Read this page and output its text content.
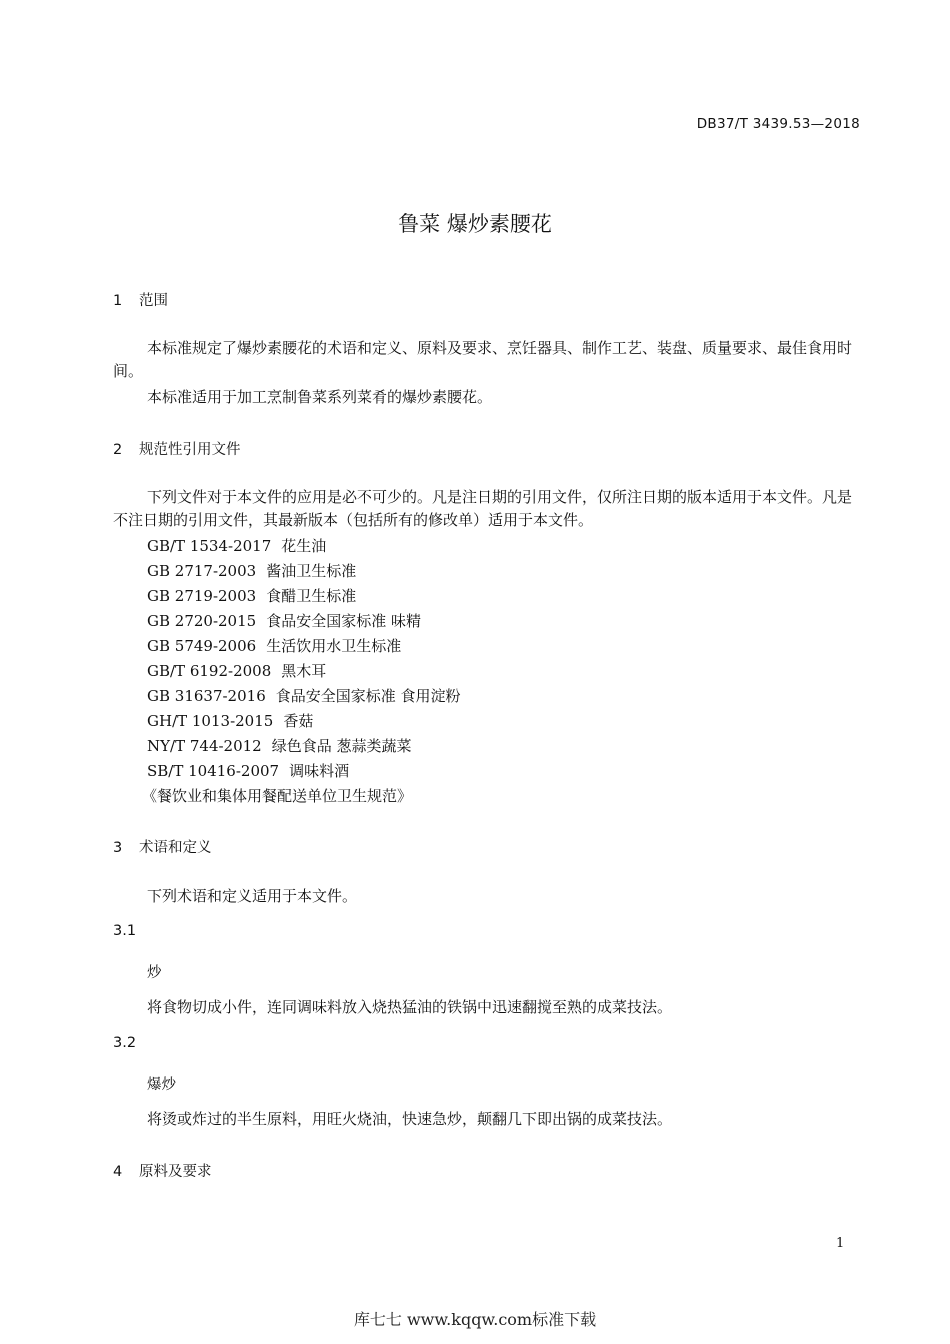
DB37/T 3439.53—2018
鲁菜 爆炒素腰花
1 范围
本标准规定了爆炒素腰花的术语和定义、原料及要求、烹饪器具、制作工艺、装盘、质量要求、最佳食用时间。
本标准适用于加工烹制鲁菜系列菜肴的爆炒素腰花。
2 规范性引用文件
下列文件对于本文件的应用是必不可少的。凡是注日期的引用文件，仅所注日期的版本适用于本文件。凡是不注日期的引用文件，其最新版本（包括所有的修改单）适用于本文件。
GB/T 1534-2017 花生油
GB 2717-2003 酱油卫生标准
GB 2719-2003 食醋卫生标准
GB 2720-2015 食品安全国家标准 味精
GB 5749-2006 生活饮用水卫生标准
GB/T 6192-2008 黑木耳
GB 31637-2016 食品安全国家标准 食用淀粉
GH/T 1013-2015 香菇
NY/T 744-2012 绿色食品 葱蒜类蔬菜
SB/T 10416-2007 调味料酒
《餐饮业和集体用餐配送单位卫生规范》
3 术语和定义
下列术语和定义适用于本文件。
3.1
炒
将食物切成小件，连同调味料放入烧热猛油的铁锅中迅速翻搅至熟的成菜技法。
3.2
爆炒
将烫或炸过的半生原料，用旺火烧油，快速急炒，颠翻几下即出锅的成菜技法。
4 原料及要求
1
库七七 www.kqqw.com标准下载
